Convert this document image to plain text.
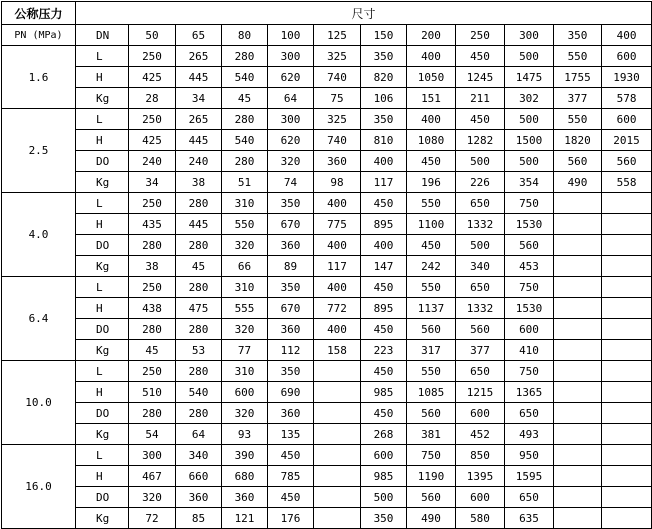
公称压力	尺寸											
PN (MPa)	DN	50	65	80	100	125	150	200	250	300	350	400
1.6	L	250	265	280	300	325	350	400	450	500	550	600
	H	425	445	540	620	740	820	1050	1245	1475	1755	1930
	Kg	28	34	45	64	75	106	151	211	302	377	578
2.5	L	250	265	280	300	325	350	400	450	500	550	600
	H	425	445	540	620	740	810	1080	1282	1500	1820	2015
	DO	240	240	280	320	360	400	450	500	500	560	560
	Kg	34	38	51	74	98	117	196	226	354	490	558
4.0	L	250	280	310	350	400	450	550	650	750		
	H	435	445	550	670	775	895	1100	1332	1530		
	DO	280	280	320	360	400	400	450	500	560		
	Kg	38	45	66	89	117	147	242	340	453		
6.4	L	250	280	310	350	400	450	550	650	750		
	H	438	475	555	670	772	895	1137	1332	1530		
	DO	280	280	320	360	400	450	560	560	600		
	Kg	45	53	77	112	158	223	317	377	410		
10.0	L	250	280	310	350		450	550	650	750		
	H	510	540	600	690		985	1085	1215	1365		
	DO	280	280	320	360		450	560	600	650		
	Kg	54	64	93	135		268	381	452	493		
16.0	L	300	340	390	450		600	750	850	950		
	H	467	660	680	785		985	1190	1395	1595		
	DO	320	360	360	450		500	560	600	650		
	Kg	72	85	121	176		350	490	580	635		
